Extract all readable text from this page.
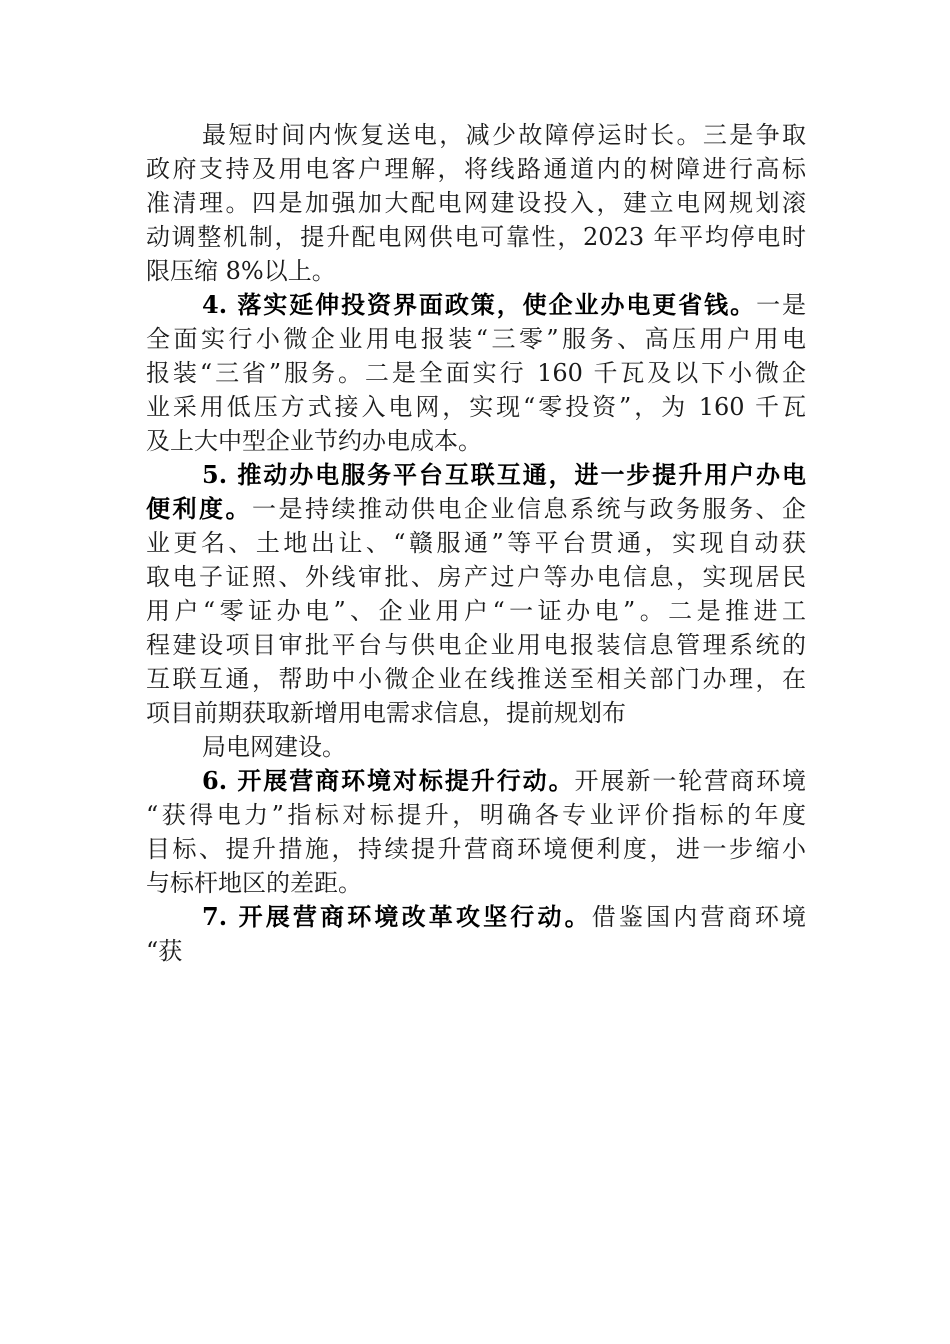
最短时间内恢复送电，减少故障停运时长。三是争取
政府支持及用电客户理解，将线路通道内的树障进行高标
准清理。四是加强加大配电网建设投入，建立电网规划滚
动调整机制，提升配电网供电可靠性，2023 年平均停电时
限压缩 8%以上。
4. 落实延伸投资界面政策，使企业办电更省钱。一是
全面实行小微企业用电报装“三零”服务、高压用户用电
报装“三省”服务。二是全面实行 160 千瓦及以下小微企
业采用低压方式接入电网，实现“零投资”，为 160 千瓦
及上大中型企业节约办电成本。
5. 推动办电服务平台互联互通，进一步提升用户办电
便利度。一是持续推动供电企业信息系统与政务服务、企
业更名、土地出让、“赣服通”等平台贯通，实现自动获
取电子证照、外线审批、房产过户等办电信息，实现居民
用户“零证办电”、企业用户“一证办电”。二是推进工
程建设项目审批平台与供电企业用电报装信息管理系统的
互联互通，帮助中小微企业在线推送至相关部门办理，在
项目前期获取新增用电需求信息，提前规划布
局电网建设。
6. 开展营商环境对标提升行动。开展新一轮营商环境
“获得电力”指标对标提升，明确各专业评价指标的年度
目标、提升措施，持续提升营商环境便利度，进一步缩小
与标杆地区的差距。
7. 开展营商环境改革攻坚行动。借鉴国内营商环境
“获
